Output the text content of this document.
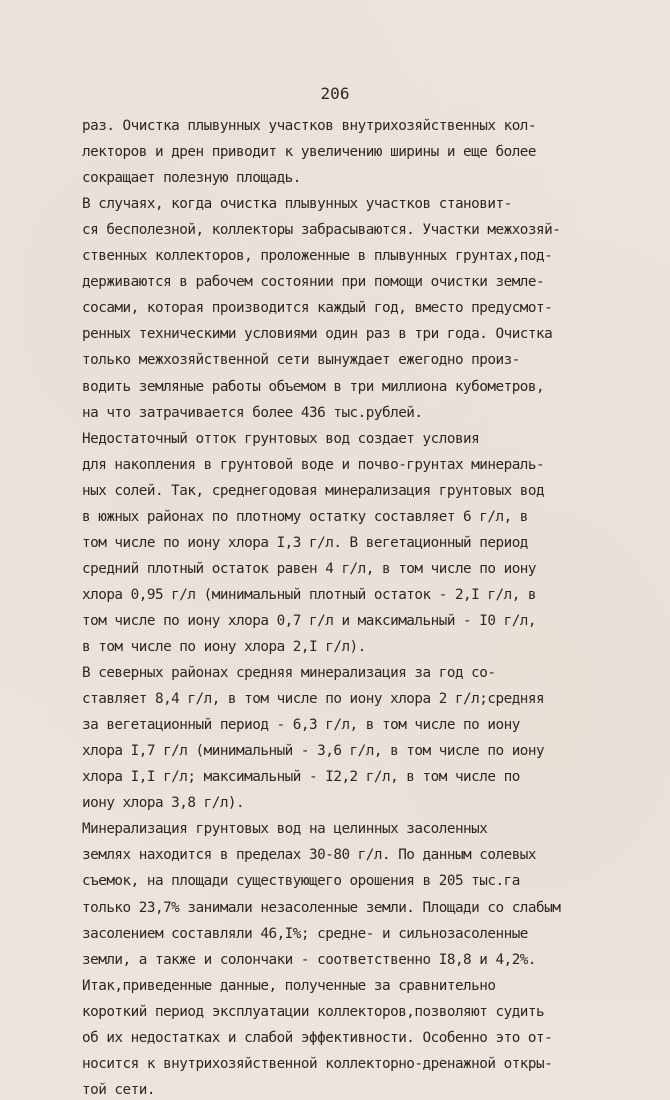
206
раз. Очистка плывунных участков внутрихозяйственных кол-
лекторов и дрен приводит к увеличению ширины и еще более
сокращает полезную площадь.
В случаях, когда очистка плывунных участков становит-
ся бесполезной, коллекторы забрасываются. Участки межхозяй-
ственных коллекторов, проложенные в плывунных грунтах,под-
держиваются в рабочем состоянии при помощи очистки земле-
сосами, которая производится каждый год, вместо предусмот-
ренных техническими условиями один раз в три года. Очистка
только межхозяйственной сети вынуждает ежегодно произ-
водить земляные работы объемом в три миллиона кубометров,
на что затрачивается более 436 тыс.рублей.
Недостаточный отток грунтовых вод создает условия
для накопления в грунтовой воде и почво-грунтах минераль-
ных солей. Так, среднегодовая минерализация грунтовых вод
в южных районах по плотному остатку составляет 6 г/л, в
том числе по иону хлора I,3 г/л. В вегетационный период
средний плотный остаток равен 4 г/л, в том числе по иону
хлора 0,95 г/л (минимальный плотный остаток - 2,I г/л, в
том числе по иону хлора 0,7 г/л и максимальный - I0 г/л,
в том числе по иону хлора 2,I г/л).
В северных районах средняя минерализация за год со-
ставляет 8,4 г/л, в том числе по иону хлора 2 г/л;средняя
за вегетационный период - 6,3 г/л, в том числе по иону
хлора I,7 г/л (минимальный - 3,6 г/л, в том числе по иону
хлора I,I г/л; максимальный - I2,2 г/л, в том числе по
иону хлора 3,8 г/л).
Минерализация грунтовых вод на целинных засоленных
землях находится в пределах 30-80 г/л. По данным солевых
съемок, на площади существующего орошения в 205 тыс.га
только 23,7% занимали незасоленные земли. Площади со слабым
засолением составляли 46,I%; средне- и сильнозасоленные
земли, а также и солончаки - соответственно I8,8 и 4,2%.
Итак,приведенные данные, полученные за сравнительно
короткий период эксплуатации коллекторов,позволяют судить
об их недостатках и слабой эффективности. Особенно это от-
носится к внутрихозяйственной коллекторно-дренажной откры-
той сети.
